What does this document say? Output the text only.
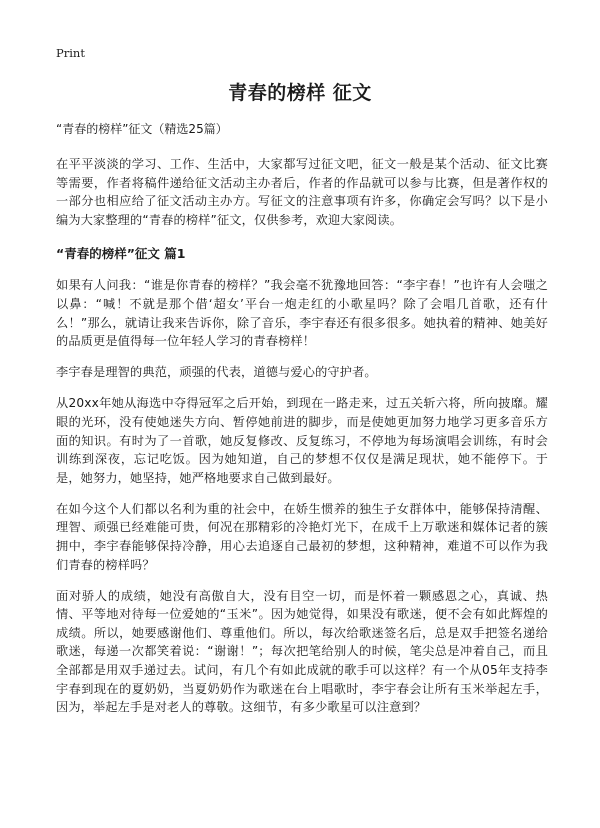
Print
青春的榜样 征文
“青春的榜样”征文（精选25篇）

在平平淡淡的学习、工作、生活中，大家都写过征文吧，征文一般是某个活动、征文比赛等需要，作者将稿件递给征文活动主办者后，作者的作品就可以参与比赛，但是著作权的一部分也相应给了征文活动主办方。写征文的注意事项有许多，你确定会写吗？以下是小编为大家整理的“青春的榜样”征文，仅供参考，欢迎大家阅读。

“青春的榜样”征文 篇1

如果有人问我：“谁是你青春的榜样？”我会毫不犹豫地回答：“李宇春！”也许有人会嗤之以鼻：“喊！不就是那个借‘超女’平台一炮走红的小歌星吗？除了会唱几首歌，还有什么！”那么，就请让我来告诉你，除了音乐，李宇春还有很多很多。她执着的精神、她美好的品质更是值得每一位年轻人学习的青春榜样！

李宇春是理智的典范，顽强的代表，道德与爱心的守护者。

从20xx年她从海选中夺得冠军之后开始，到现在一路走来，过五关斩六将，所向披靡。耀眼的光环，没有使她迷失方向、暂停她前进的脚步，而是使她更加努力地学习更多音乐方面的知识。有时为了一首歌，她反复修改、反复练习，不停地为每场演唱会训练，有时会训练到深夜，忘记吃饭。因为她知道，自己的梦想不仅仅是满足现状，她不能停下。于是，她努力，她坚持，她严格地要求自己做到最好。

在如今这个人们都以名利为重的社会中，在娇生惯养的独生子女群体中，能够保持清醒、理智、顽强已经难能可贵，何况在那精彩的冷艳灯光下，在成千上万歌迷和媒体记者的簇拥中，李宇春能够保持冷静，用心去追逐自己最初的梦想，这种精神，难道不可以作为我们青春的榜样吗？

面对骄人的成绩，她没有高傲自大，没有目空一切，而是怀着一颗感恩之心，真诚、热情、平等地对待每一位爱她的“玉米”。因为她觉得，如果没有歌迷，便不会有如此辉煌的成绩。所以，她要感谢他们、尊重他们。所以，每次给歌迷签名后，总是双手把签名递给歌迷，每递一次都笑着说：“谢谢！”；每次把笔给别人的时候，笔尖总是冲着自己，而且全部都是用双手递过去。试问，有几个有如此成就的歌手可以这样？有一个从05年支持李宇春到现在的夏奶奶，当夏奶奶作为歌迷在台上唱歌时，李宇春会让所有玉米举起左手，因为，举起左手是对老人的尊敬。这细节，有多少歌星可以注意到？
